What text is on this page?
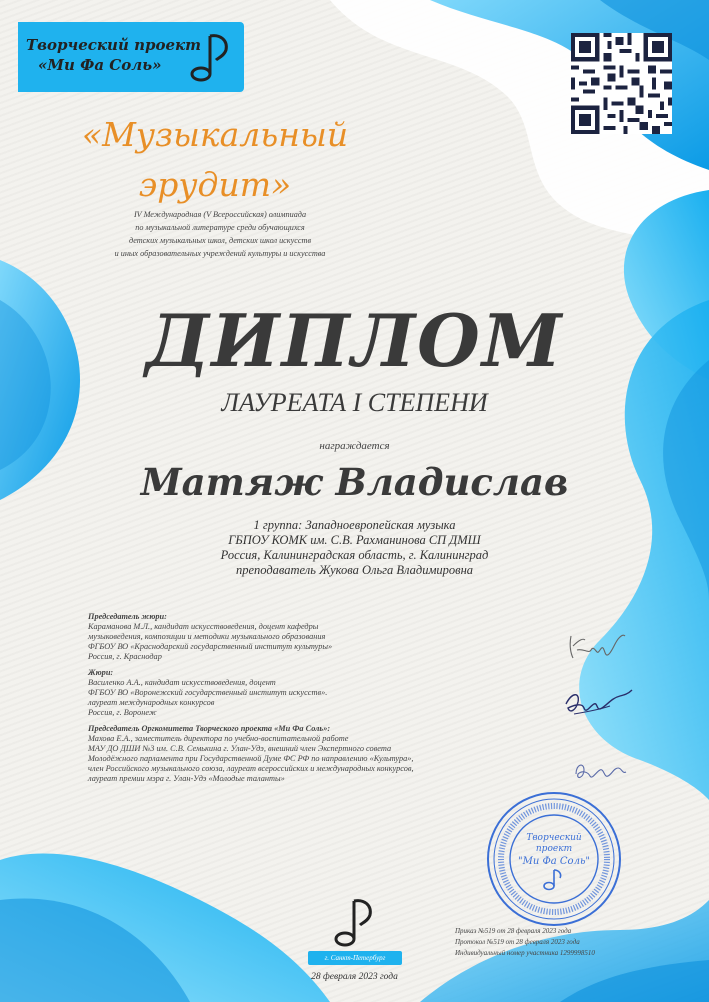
Творческий проект
«Ми Фа Соль»
«Музыкальный
эрудит»
IV Международная (V Всероссийская) олимпиада
по музыкальной литературе среди обучающихся
детских музыкальных школ, детских школ искусств
и иных образовательных учреждений культуры и искусства
ДИПЛОМ
ЛАУРЕАТА I СТЕПЕНИ
награждается
Матяж Владислав
1 группа: Западноевропейская музыка
ГБПОУ КОМК им. С.В. Рахманинова СП ДМШ
Россия, Калининградская область, г. Калининград
преподаватель Жукова Ольга Владимировна
Председатель жюри:
Караманова М.Л., кандидат искусствоведения, доцент кафедры
музыковедения, композиции и методики музыкального образования
ФГБОУ ВО «Краснодарский государственный институт культуры»
Россия, г. Краснодар
Жюри:
Василенко А.А., кандидат искусствоведения, доцент
ФГБОУ ВО «Воронежский государственный институт искусств».
лауреат международных конкурсов
Россия, г. Воронеж
Председатель Оргкомитета Творческого проекта «Ми Фа Соль»:
Махова Е.А., заместитель директора по учебно-воспитательной работе
МАУ ДО ДШИ №3 им. С.В. Семькина г. Улан-Удэ, внешний член Экспертного совета
Молодёжного парламента при Государственной Думе ФС РФ по направлению «Культура»,
член Российского музыкального союза, лауреат всероссийских и международных конкурсов,
лауреат премии мэра г. Улан-Удэ «Молодые таланты»
Творческий
проект
"Ми Фа Соль"
Приказ №519 от 28 февраля 2023 года
Протокол №519 от 28 февраля 2023 года
Индивидуальный номер участника 1299998510
г. Санкт-Петербург
28 февраля 2023 года
